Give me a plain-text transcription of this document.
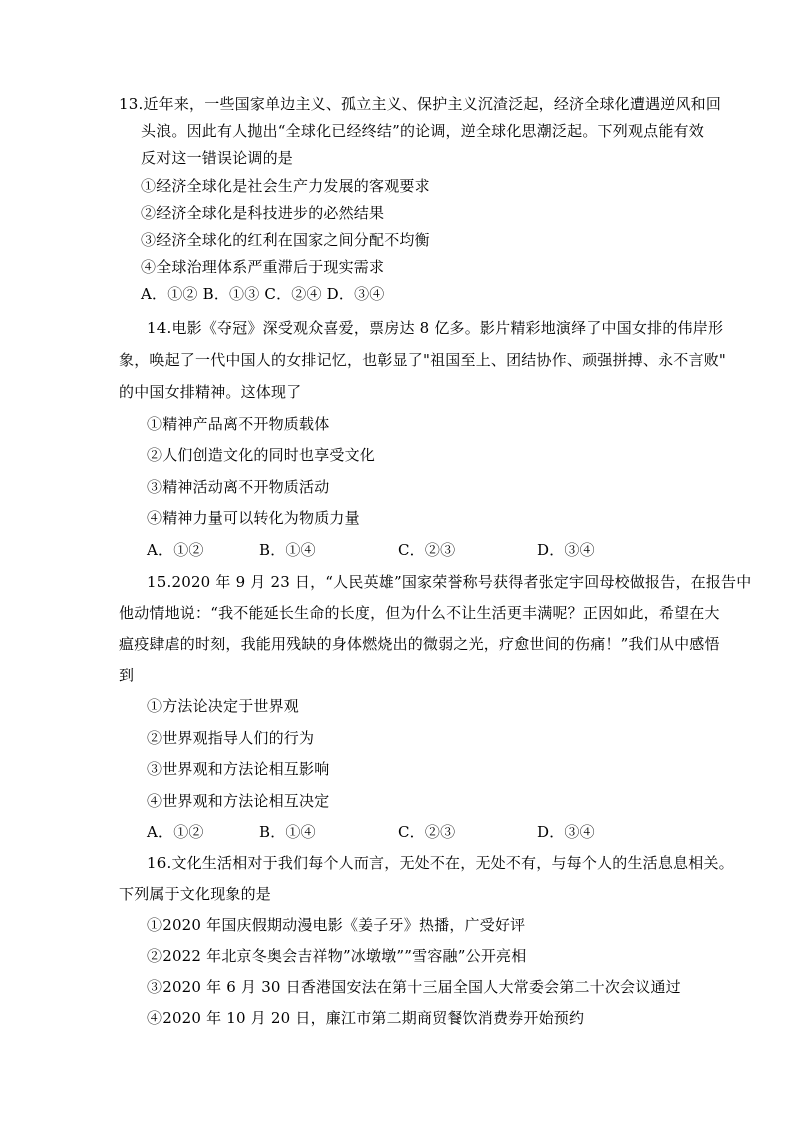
13.近年来，一些国家单边主义、孤立主义、保护主义沉渣泛起，经济全球化遭遇逆风和回
头浪。因此有人抛出“全球化已经终结”的论调，逆全球化思潮泛起。下列观点能有效
反对这一错误论调的是
①经济全球化是社会生产力发展的客观要求
②经济全球化是科技进步的必然结果
③经济全球化的红利在国家之间分配不均衡
④全球治理体系严重滞后于现实需求
A．①② B．①③ C．②④ D．③④
14.电影《夺冠》深受观众喜爱，票房达 8 亿多。影片精彩地演绎了中国女排的伟岸形
象，唤起了一代中国人的女排记忆，也彰显了"祖国至上、团结协作、顽强拼搏、永不言败"
的中国女排精神。这体现了
①精神产品离不开物质载体
②人们创造文化的同时也享受文化
③精神活动离不开物质活动
④精神力量可以转化为物质力量
A．①②	B．①④	C．②③	D．③④
15.2020 年 9 月 23 日，“人民英雄”国家荣誉称号获得者张定宇回母校做报告，在报告中
他动情地说：“我不能延长生命的长度，但为什么不让生活更丰满呢？正因如此，希望在大
瘟疫肆虐的时刻，我能用残缺的身体燃烧出的微弱之光，疗愈世间的伤痛！”我们从中感悟
到
①方法论决定于世界观
②世界观指导人们的行为
③世界观和方法论相互影响
④世界观和方法论相互决定
A．①②	B．①④	C．②③	D．③④
16.文化生活相对于我们每个人而言，无处不在，无处不有，与每个人的生活息息相关。
下列属于文化现象的是
①2020 年国庆假期动漫电影《姜子牙》热播，广受好评
②2022 年北京冬奥会吉祥物”冰墩墩””雪容融”公开亮相
③2020 年 6 月 30 日香港国安法在第十三届全国人大常委会第二十次会议通过
④2020 年 10 月 20 日，廉江市第二期商贸餐饮消费券开始预约
